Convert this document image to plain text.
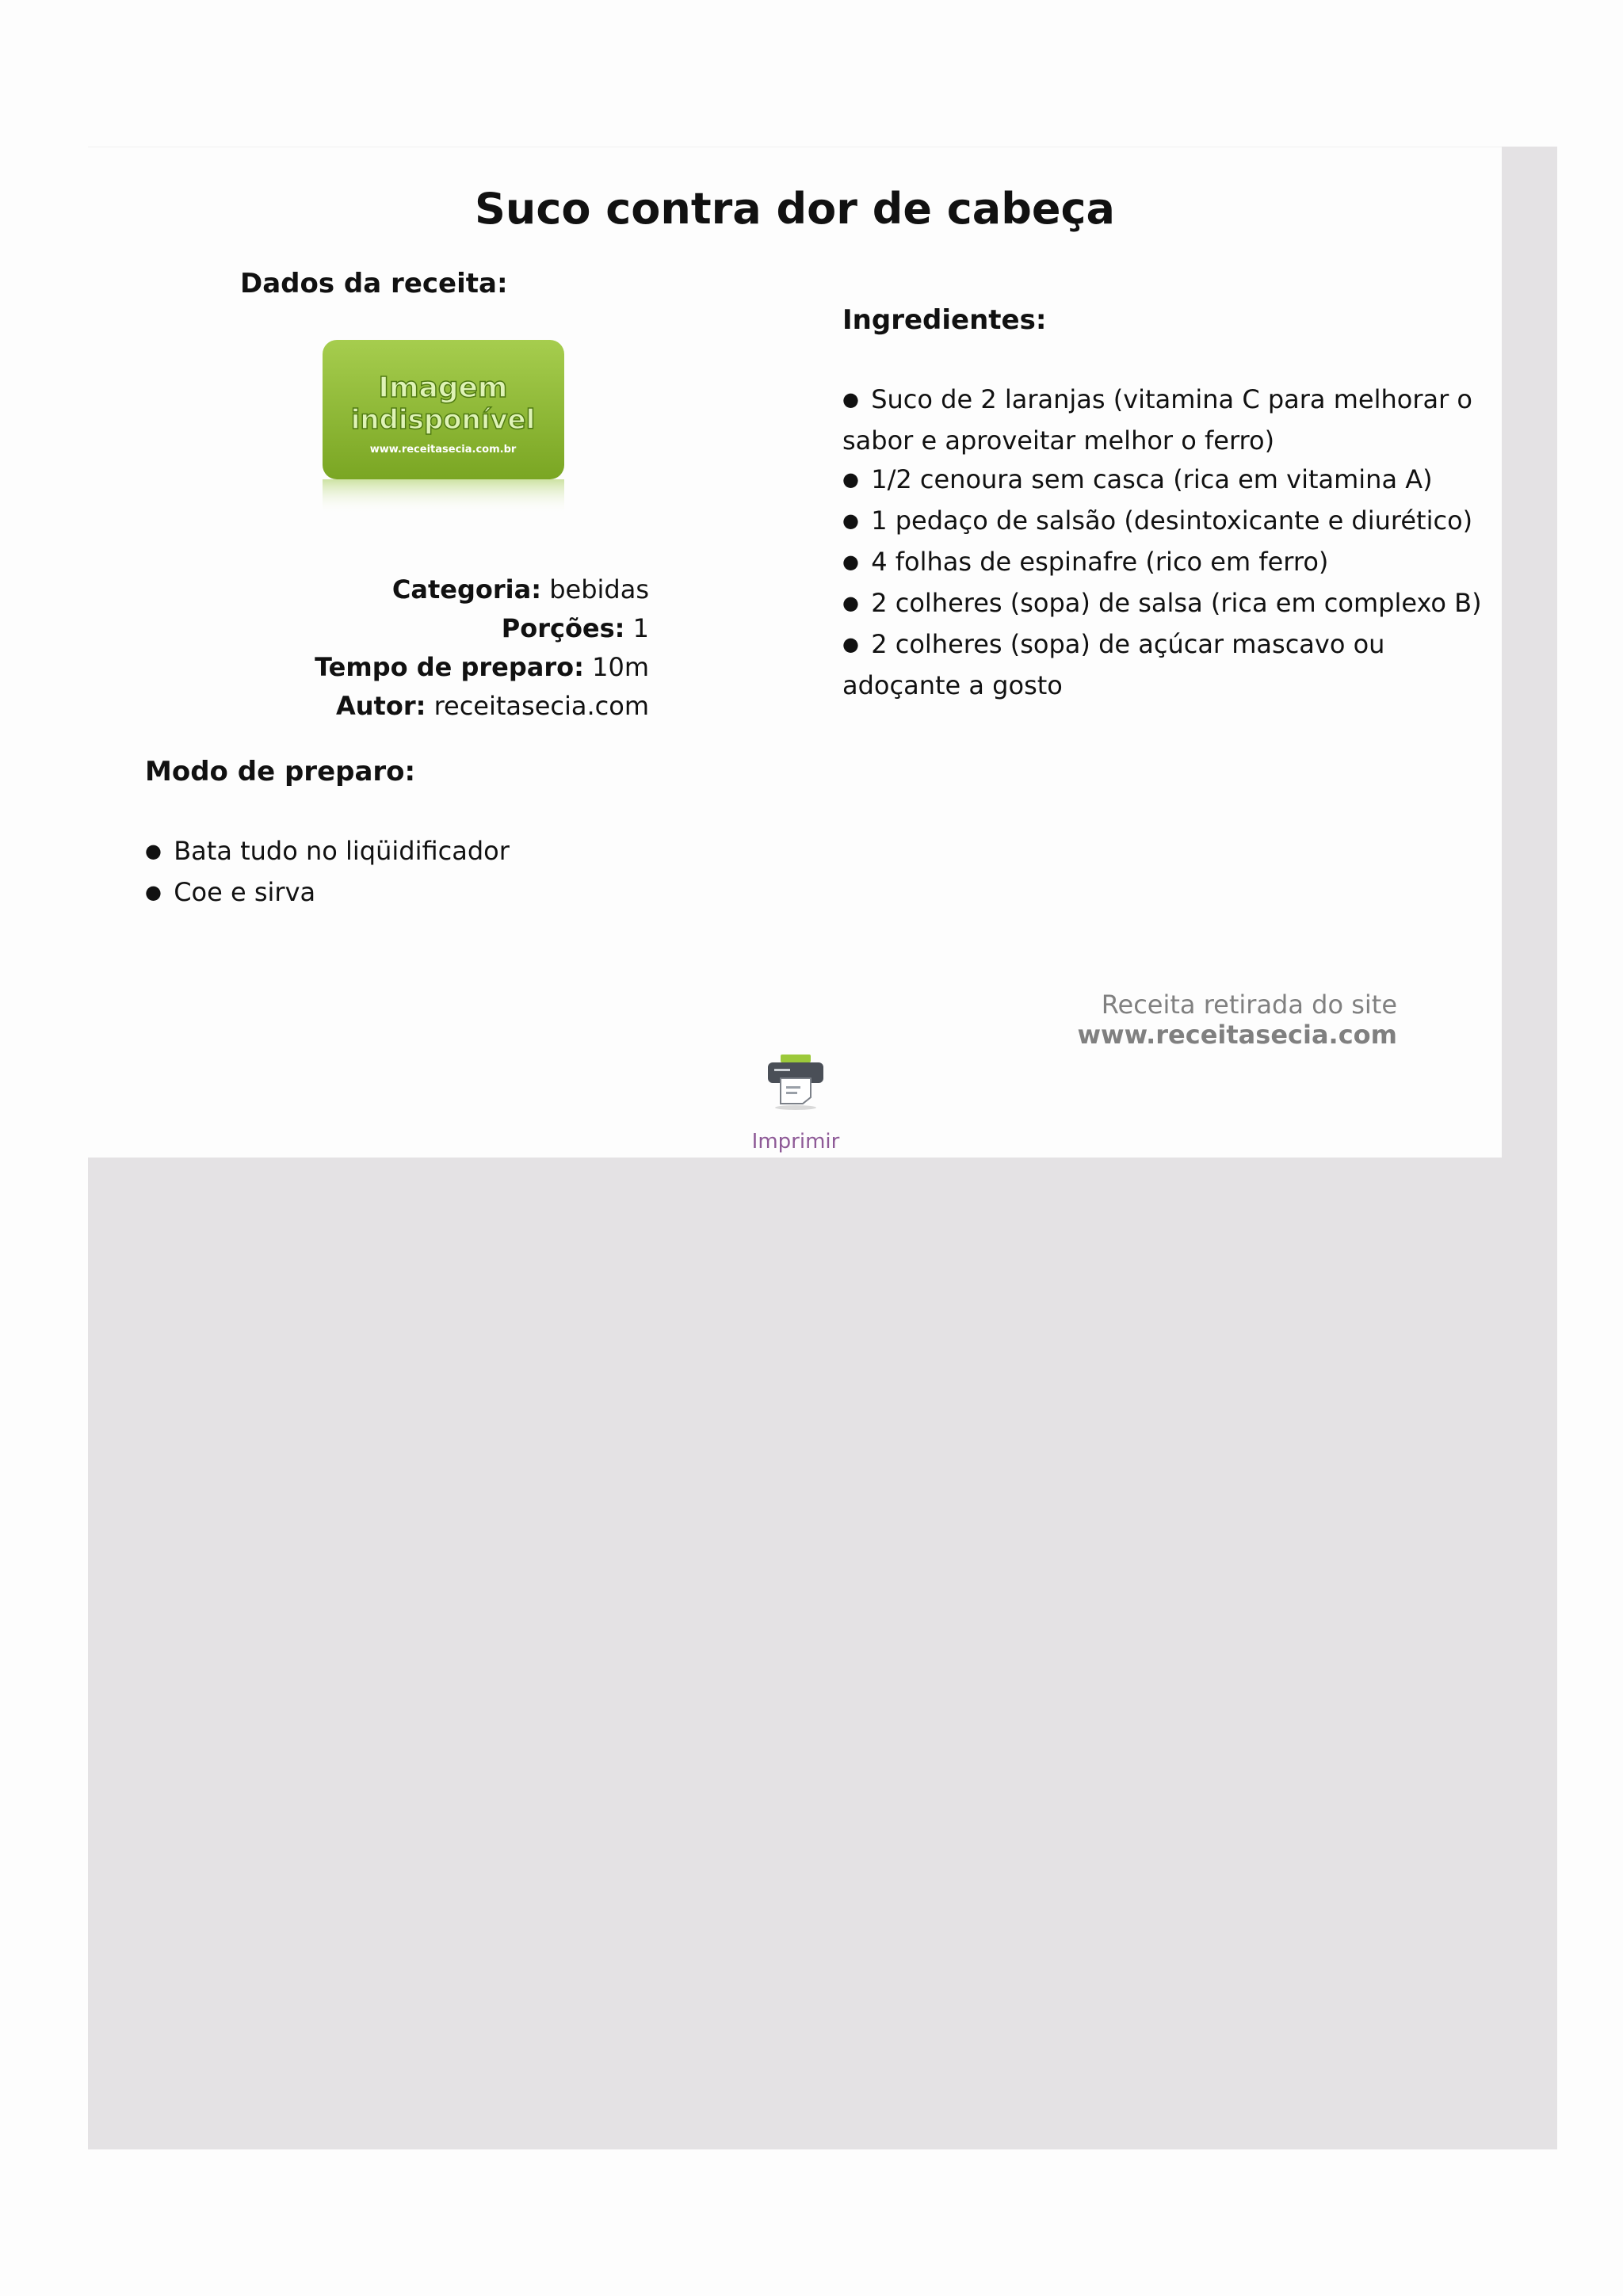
Suco contra dor de cabeça
Dados da receita:
Imagem
indisponível
www.receitasecia.com.br
Categoria: bebidas
Porções: 1
Tempo de preparo: 10m
Autor: receitasecia.com
Ingredientes:
●  Suco de 2 laranjas (vitamina C para melhorar o sabor e aproveitar melhor o ferro)
●  1/2 cenoura sem casca (rica em vitamina A)
●  1 pedaço de salsão (desintoxicante e diurético)
●  4 folhas de espinafre (rico em ferro)
●  2 colheres (sopa) de salsa (rica em complexo B)
●  2 colheres (sopa) de açúcar mascavo ou adoçante a gosto
Modo de preparo:
●  Bata tudo no liqüidificador
●  Coe e sirva
Receita retirada do site www.receitasecia.com
Imprimir
